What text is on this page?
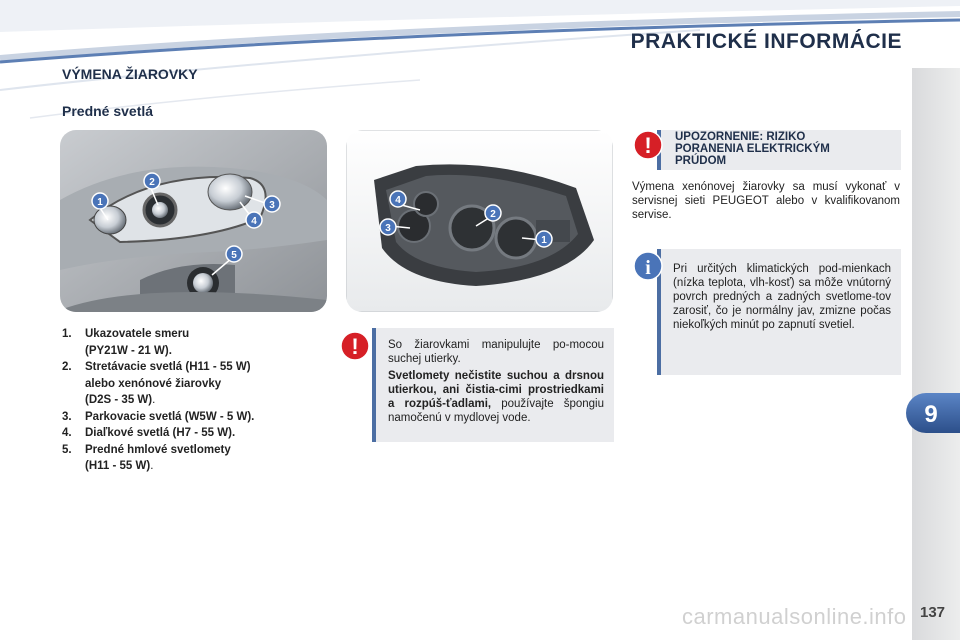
PRAKTICKÉ INFORMÁCIE
9
VÝMENA ŽIAROVKY
Predné svetlá
1
2
3
4
5
4
2
3
1
1. Ukazovatele smeru
(PY21W - 21 W).
2. Stretávacie svetlá (H11 - 55 W)
alebo xenónové žiarovky
(D2S - 35 W).
3. Parkovacie svetlá (W5W - 5 W).
4. Diaľkové svetlá (H7 - 55 W).
5. Predné hmlové svetlomety
(H11 - 55 W).
So žiarovkami manipulujte po-mocou suchej utierky.
Svetlomety nečistite suchou a drsnou utierkou, ani čistia-cimi prostriedkami a rozpúš-ťadlami, používajte špongiu namočenú v mydlovej vode.
!
UPOZORNENIE: RIZIKO
PORANENIA ELEKTRICKÝM
PRÚDOM
!
Výmena xenónovej žiarovky sa musí vykonať v servisnej sieti PEUGEOT alebo v kvalifikovanom servise.
Pri určitých klimatických pod-mienkach (nízka teplota, vlh-kosť) sa môže vnútorný povrch predných a zadných svetlome-tov zarosiť, čo je normálny jav, zmizne počas niekoľkých minút po zapnutí svetiel.
i
carmanualsonline.info 137
